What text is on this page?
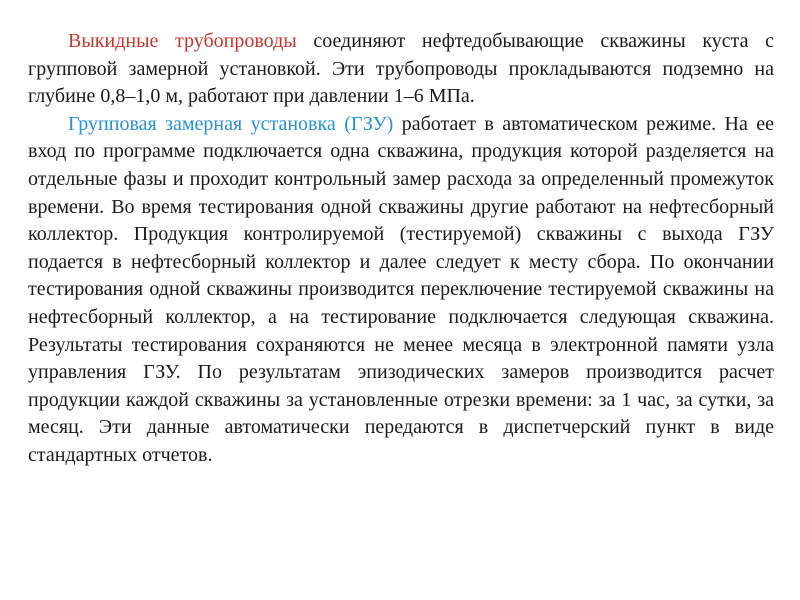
Выкидные трубопроводы соединяют нефтедобывающие скважины куста с групповой замерной установкой. Эти трубопроводы прокладываются подземно на глубине 0,8–1,0 м, работают при давлении 1–6 МПа.

Групповая замерная установка (ГЗУ) работает в автоматическом режиме. На ее вход по программе подключается одна скважина, продукция которой разделяется на отдельные фазы и проходит контрольный замер расхода за определенный промежуток времени. Во время тестирования одной скважины другие работают на нефтесборный коллектор. Продукция контролируемой (тестируемой) скважины с выхода ГЗУ подается в нефтесборный коллектор и далее следует к месту сбора. По окончании тестирования одной скважины производится переключение тестируемой скважины на нефтесборный коллектор, а на тестирование подключается следующая скважина. Результаты тестирования сохраняются не менее месяца в электронной памяти узла управления ГЗУ. По результатам эпизодических замеров производится расчет продукции каждой скважины за установленные отрезки времени: за 1 час, за сутки, за месяц. Эти данные автоматически передаются в диспетчерский пункт в виде стандартных отчетов.
